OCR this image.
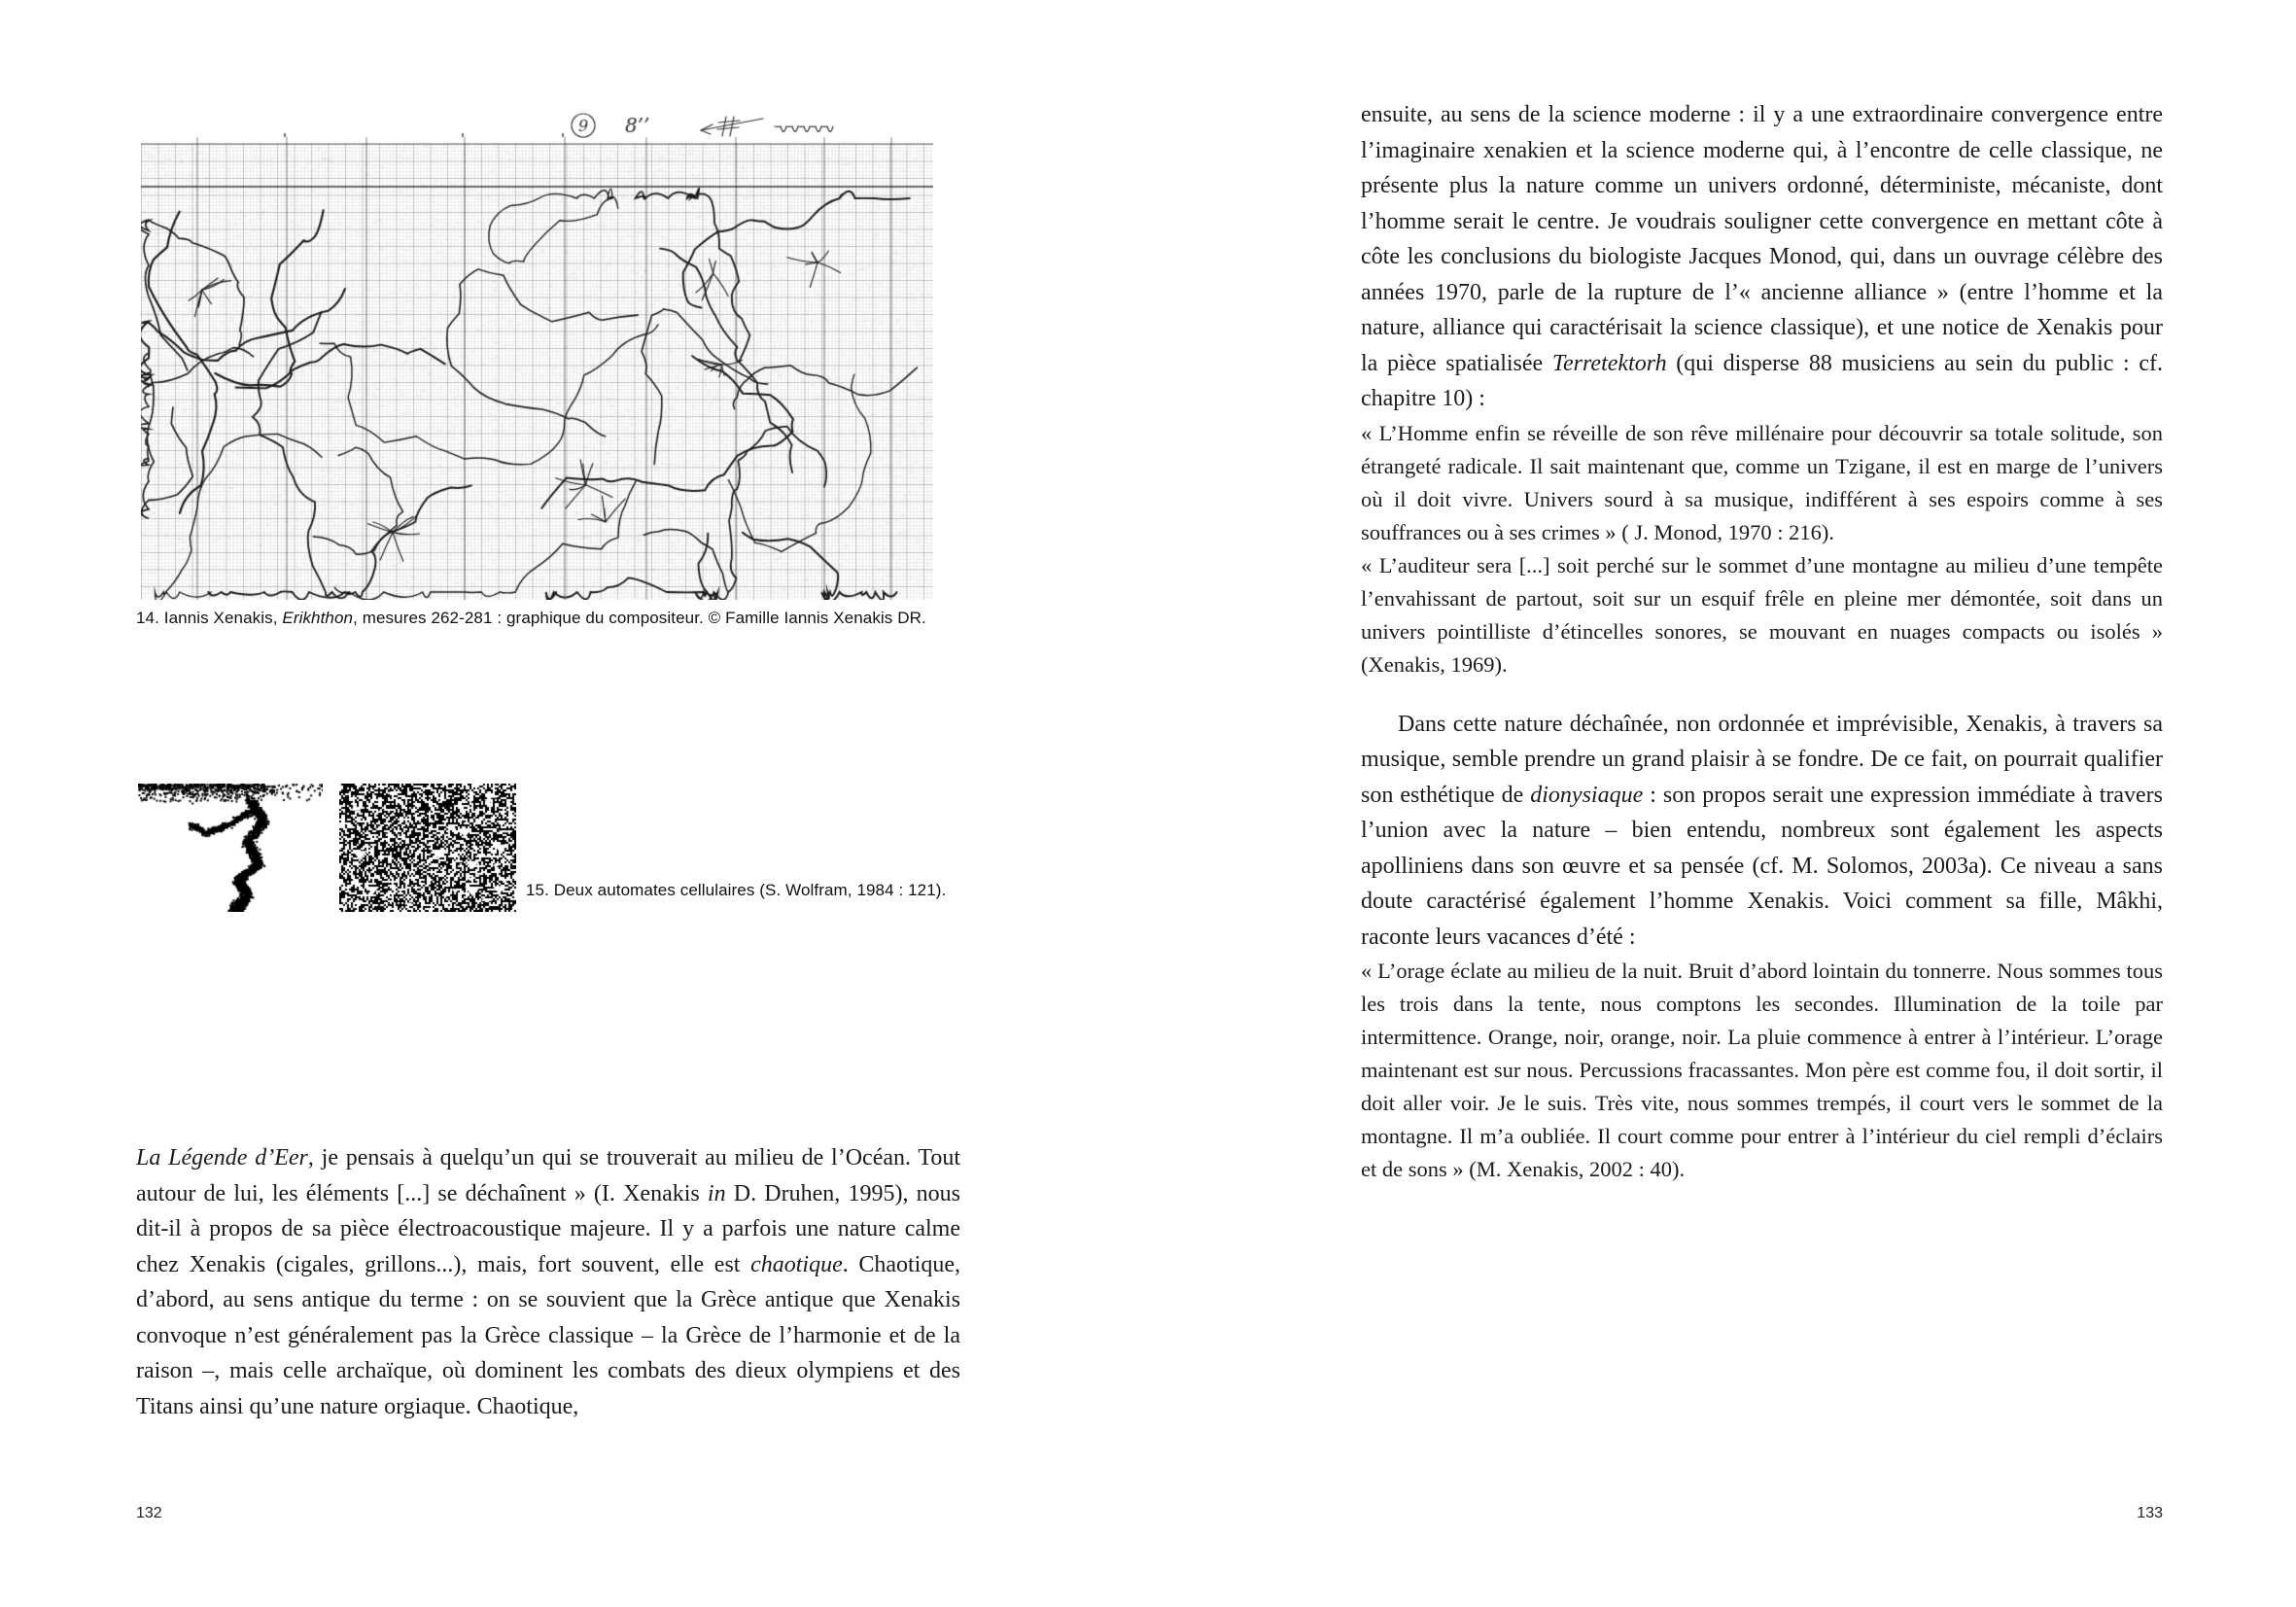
14. Iannis Xenakis, Erikhthon, mesures 262-281 : graphique du compositeur. © Famille Iannis Xenakis DR.
15. Deux automates cellulaires (S. Wolfram, 1984 : 121).
La Légende d’Eer, je pensais à quelqu’un qui se trouverait au milieu de l’Océan. Tout autour de lui, les éléments [...] se déchaînent » (I. Xenakis in D. Druhen, 1995), nous dit-il à propos de sa pièce électroacoustique majeure. Il y a parfois une nature calme chez Xenakis (cigales, grillons...), mais, fort souvent, elle est chaotique. Chaotique, d’abord, au sens antique du terme : on se souvient que la Grèce antique que Xenakis convoque n’est généralement pas la Grèce classique – la Grèce de l’harmonie et de la raison –, mais celle archaïque, où dominent les combats des dieux olympiens et des Titans ainsi qu’une nature orgiaque. Chaotique,
132

ensuite, au sens de la science moderne : il y a une extraordinaire convergence entre l’imaginaire xenakien et la science moderne qui, à l’encontre de celle classique, ne présente plus la nature comme un univers ordonné, déterministe, mécaniste, dont l’homme serait le centre. Je voudrais souligner cette convergence en mettant côte à côte les conclusions du biologiste Jacques Monod, qui, dans un ouvrage célèbre des années 1970, parle de la rupture de l’« ancienne alliance » (entre l’homme et la nature, alliance qui caractérisait la science classique), et une notice de Xenakis pour la pièce spatialisée Terretektorh (qui disperse 88 musiciens au sein du public : cf. chapitre 10) :

« L’Homme enfin se réveille de son rêve millénaire pour découvrir sa totale solitude, son étrangeté radicale. Il sait maintenant que, comme un Tzigane, il est en marge de l’univers où il doit vivre. Univers sourd à sa musique, indifférent à ses espoirs comme à ses souffrances ou à ses crimes » ( J. Monod, 1970 : 216).

« L’auditeur sera [...] soit perché sur le sommet d’une montagne au milieu d’une tempête l’envahissant de partout, soit sur un esquif frêle en pleine mer démontée, soit dans un univers pointilliste d’étincelles sonores, se mouvant en nuages compacts ou isolés » (Xenakis, 1969).

Dans cette nature déchaînée, non ordonnée et imprévisible, Xenakis, à travers sa musique, semble prendre un grand plaisir à se fondre. De ce fait, on pourrait qualifier son esthétique de dionysiaque : son propos serait une expression immédiate à travers l’union avec la nature – bien entendu, nombreux sont également les aspects apolliniens dans son œuvre et sa pensée (cf. M. Solomos, 2003a). Ce niveau a sans doute caractérisé également l’homme Xenakis. Voici comment sa fille, Mâkhi, raconte leurs vacances d’été :

« L’orage éclate au milieu de la nuit. Bruit d’abord lointain du tonnerre. Nous sommes tous les trois dans la tente, nous comptons les secondes. Illumination de la toile par intermittence. Orange, noir, orange, noir. La pluie commence à entrer à l’intérieur. L’orage maintenant est sur nous. Percussions fracassantes. Mon père est comme fou, il doit sortir, il doit aller voir. Je le suis. Très vite, nous sommes trempés, il court vers le sommet de la montagne. Il m’a oubliée. Il court comme pour entrer à l’intérieur du ciel rempli d’éclairs et de sons » (M. Xenakis, 2002 : 40).

133
